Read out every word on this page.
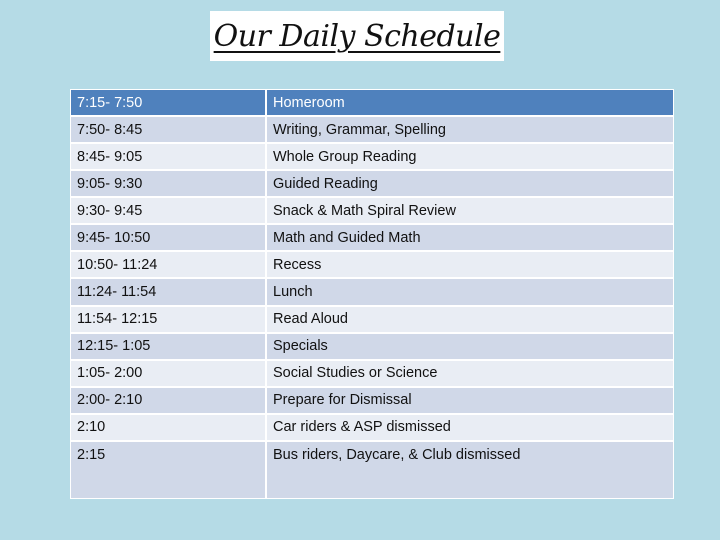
Our Daily Schedule
7:15- 7:50	Homeroom
7:50- 8:45	Writing, Grammar, Spelling
8:45- 9:05	Whole Group Reading
9:05- 9:30	Guided Reading
9:30- 9:45	Snack & Math Spiral Review
9:45- 10:50	Math and Guided Math
10:50- 11:24	Recess
11:24- 11:54	Lunch
11:54- 12:15	Read Aloud
12:15- 1:05	Specials
1:05- 2:00	Social Studies or Science
2:00- 2:10	Prepare for Dismissal
2:10	Car riders & ASP dismissed
2:15	Bus riders, Daycare, & Club dismissed
